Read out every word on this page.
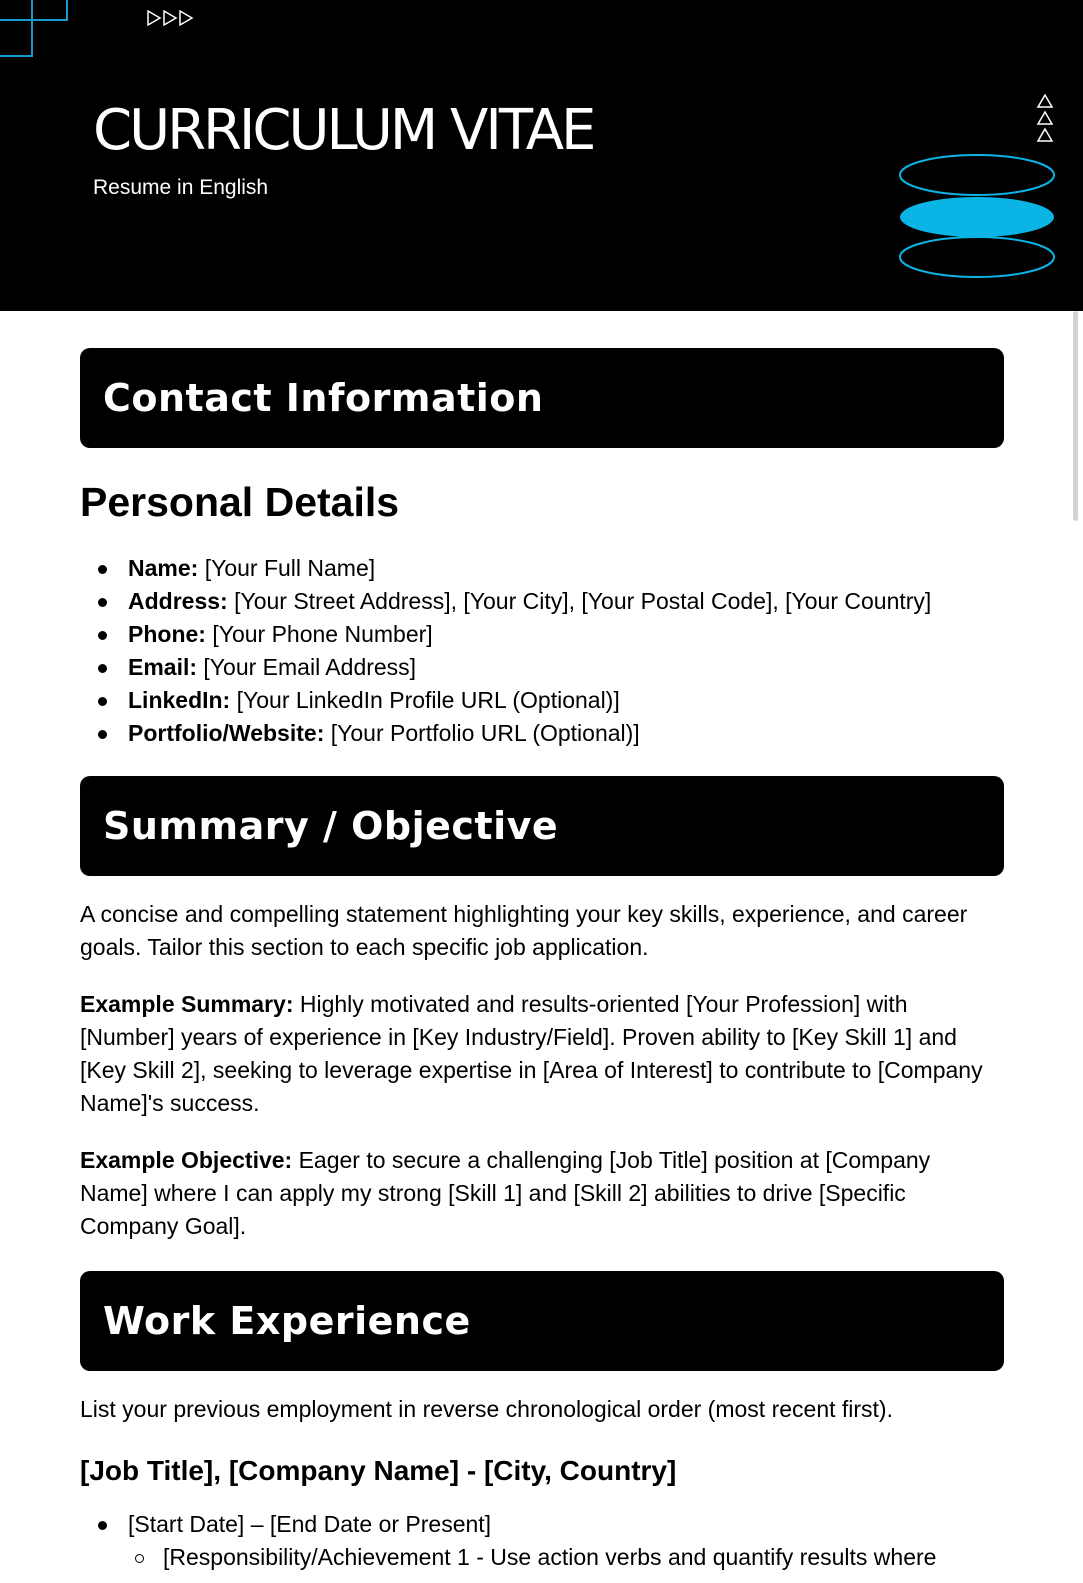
CURRICULUM VITAE
Resume in English
Contact Information
Personal Details
Name: [Your Full Name]
Address: [Your Street Address], [Your City], [Your Postal Code], [Your Country]
Phone: [Your Phone Number]
Email: [Your Email Address]
LinkedIn: [Your LinkedIn Profile URL (Optional)]
Portfolio/Website: [Your Portfolio URL (Optional)]
Summary / Objective

A concise and compelling statement highlighting your key skills, experience, and career goals. Tailor this section to each specific job application.

Example Summary: Highly motivated and results-oriented [Your Profession] with [Number] years of experience in [Key Industry/Field]. Proven ability to [Key Skill 1] and [Key Skill 2], seeking to leverage expertise in [Area of Interest] to contribute to [Company Name]'s success.

Example Objective: Eager to secure a challenging [Job Title] position at [Company Name] where I can apply my strong [Skill 1] and [Skill 2] abilities to drive [Specific Company Goal].

Work Experience

List your previous employment in reverse chronological order (most recent first).

[Job Title], [Company Name] - [City, Country]
[Start Date] – [End Date or Present]
[Responsibility/Achievement 1 - Use action verbs and quantify results where
